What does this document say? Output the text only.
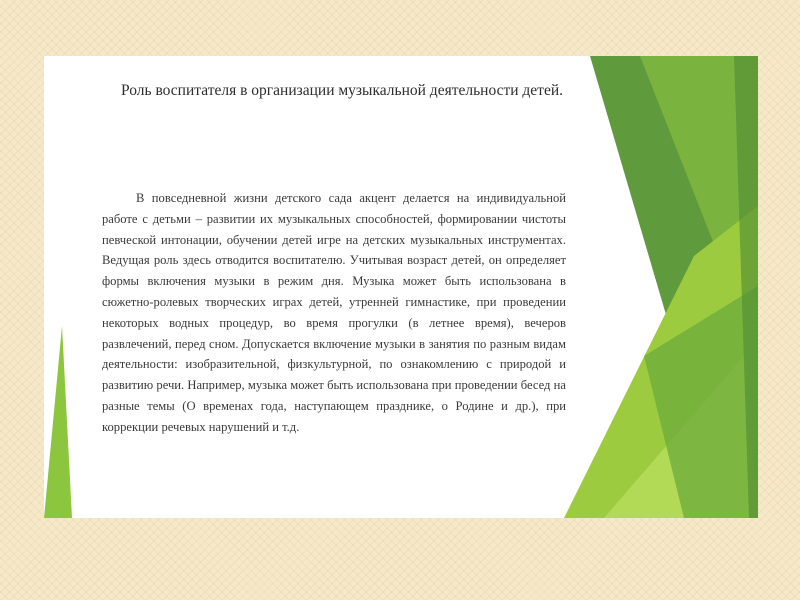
Роль воспитателя в организации музыкальной деятельности детей.

В повседневной жизни детского сада акцент делается на индивидуальной работе с детьми – развитии их музыкальных способностей, формировании чистоты певческой интонации, обучении детей игре на детских музыкальных инструментах. Ведущая роль здесь отводится воспитателю. Учитывая возраст детей, он определяет формы включения музыки в режим дня. Музыка может быть использована в сюжетно-ролевых творческих играх детей, утренней гимнастике, при проведении некоторых водных процедур, во время прогулки (в летнее время), вечеров развлечений, перед сном. Допускается включение музыки в занятия по разным видам деятельности: изобразительной, физкультурной, по ознакомлению с природой и развитию речи. Например, музыка может быть использована при проведении бесед на разные темы (О временах года, наступающем празднике, о Родине и др.), при коррекции речевых нарушений и т.д.
